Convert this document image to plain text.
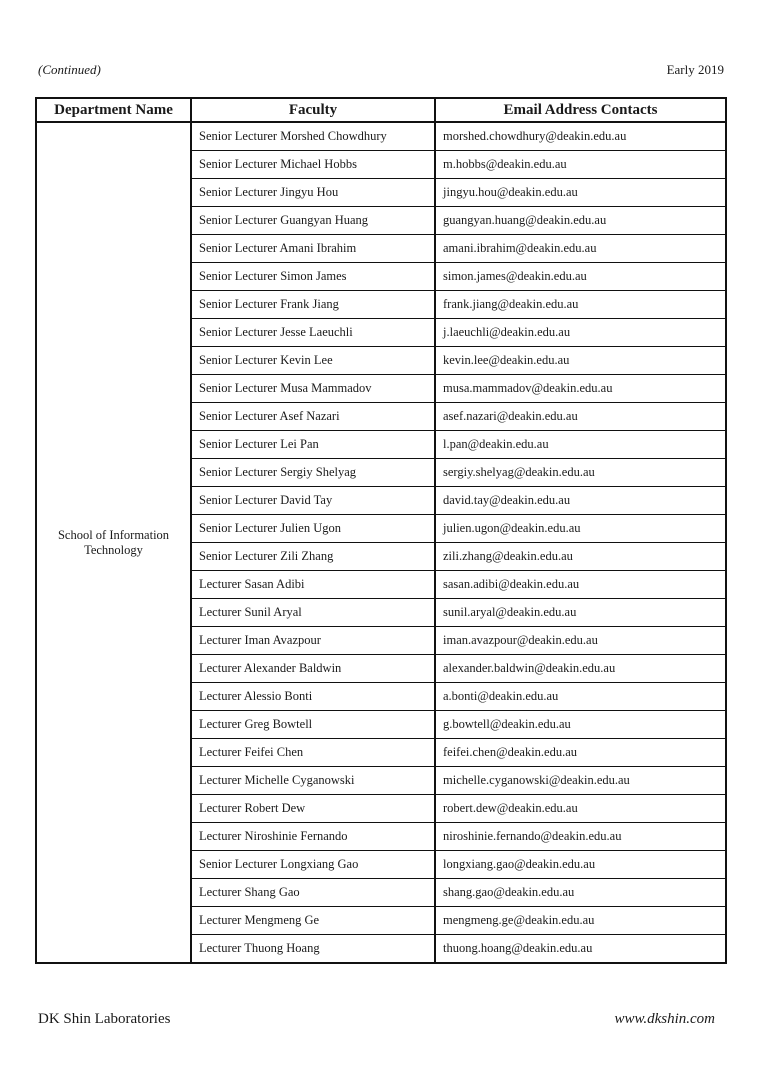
(Continued)	Early 2019
Department Name	Faculty	Email Address Contacts
School of Information Technology	Senior Lecturer Morshed Chowdhury	morshed.chowdhury@deakin.edu.au
	Senior Lecturer Michael Hobbs	m.hobbs@deakin.edu.au
	Senior Lecturer Jingyu Hou	jingyu.hou@deakin.edu.au
	Senior Lecturer Guangyan Huang	guangyan.huang@deakin.edu.au
	Senior Lecturer Amani Ibrahim	amani.ibrahim@deakin.edu.au
	Senior Lecturer Simon James	simon.james@deakin.edu.au
	Senior Lecturer Frank Jiang	frank.jiang@deakin.edu.au
	Senior Lecturer Jesse Laeuchli	j.laeuchli@deakin.edu.au
	Senior Lecturer Kevin Lee	kevin.lee@deakin.edu.au
	Senior Lecturer Musa Mammadov	musa.mammadov@deakin.edu.au
	Senior Lecturer Asef Nazari	asef.nazari@deakin.edu.au
	Senior Lecturer Lei Pan	l.pan@deakin.edu.au
	Senior Lecturer Sergiy Shelyag	sergiy.shelyag@deakin.edu.au
	Senior Lecturer David Tay	david.tay@deakin.edu.au
	Senior Lecturer Julien Ugon	julien.ugon@deakin.edu.au
	Senior Lecturer Zili Zhang	zili.zhang@deakin.edu.au
	Lecturer Sasan Adibi	sasan.adibi@deakin.edu.au
	Lecturer Sunil Aryal	sunil.aryal@deakin.edu.au
	Lecturer Iman Avazpour	iman.avazpour@deakin.edu.au
	Lecturer Alexander Baldwin	alexander.baldwin@deakin.edu.au
	Lecturer Alessio Bonti	a.bonti@deakin.edu.au
	Lecturer Greg Bowtell	g.bowtell@deakin.edu.au
	Lecturer Feifei Chen	feifei.chen@deakin.edu.au
	Lecturer Michelle Cyganowski	michelle.cyganowski@deakin.edu.au
	Lecturer Robert Dew	robert.dew@deakin.edu.au
	Lecturer Niroshinie Fernando	niroshinie.fernando@deakin.edu.au
	Senior Lecturer Longxiang Gao	longxiang.gao@deakin.edu.au
	Lecturer Shang Gao	shang.gao@deakin.edu.au
	Lecturer Mengmeng Ge	mengmeng.ge@deakin.edu.au
	Lecturer Thuong Hoang	thuong.hoang@deakin.edu.au
DK Shin Laboratories	www.dkshin.com
